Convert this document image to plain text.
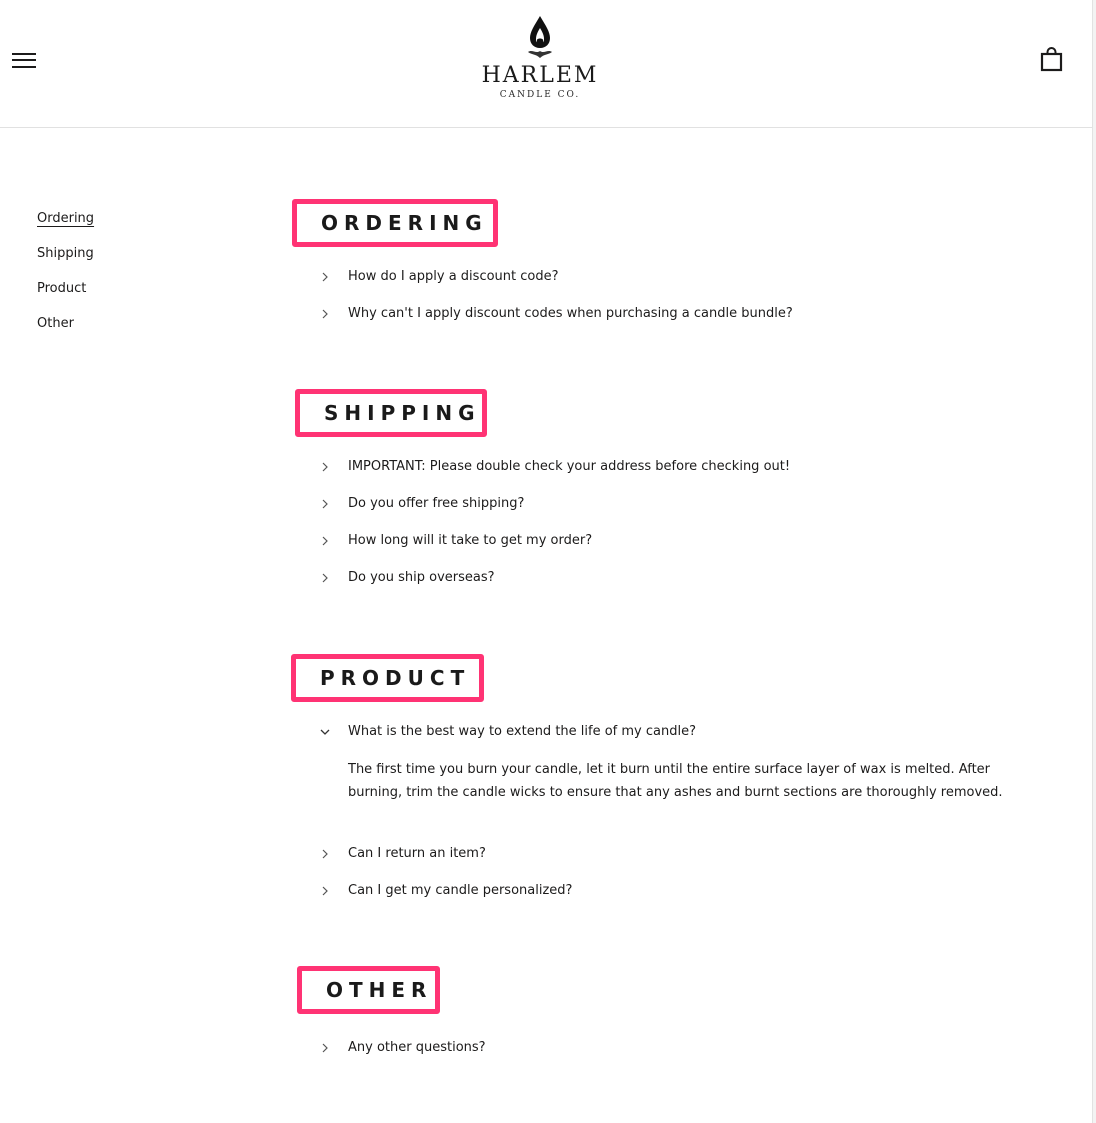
HARLEM
CANDLE CO.
Ordering
Shipping
Product
Other
ORDERING
How do I apply a discount code?
Why can't I apply discount codes when purchasing a candle bundle?
SHIPPING
IMPORTANT: Please double check your address before checking out!
Do you offer free shipping?
How long will it take to get my order?
Do you ship overseas?
PRODUCT
What is the best way to extend the life of my candle?
The first time you burn your candle, let it burn until the entire surface layer of wax is melted. After burning, trim the candle wicks to ensure that any ashes and burnt sections are thoroughly removed.
Can I return an item?
Can I get my candle personalized?
OTHER
Any other questions?
